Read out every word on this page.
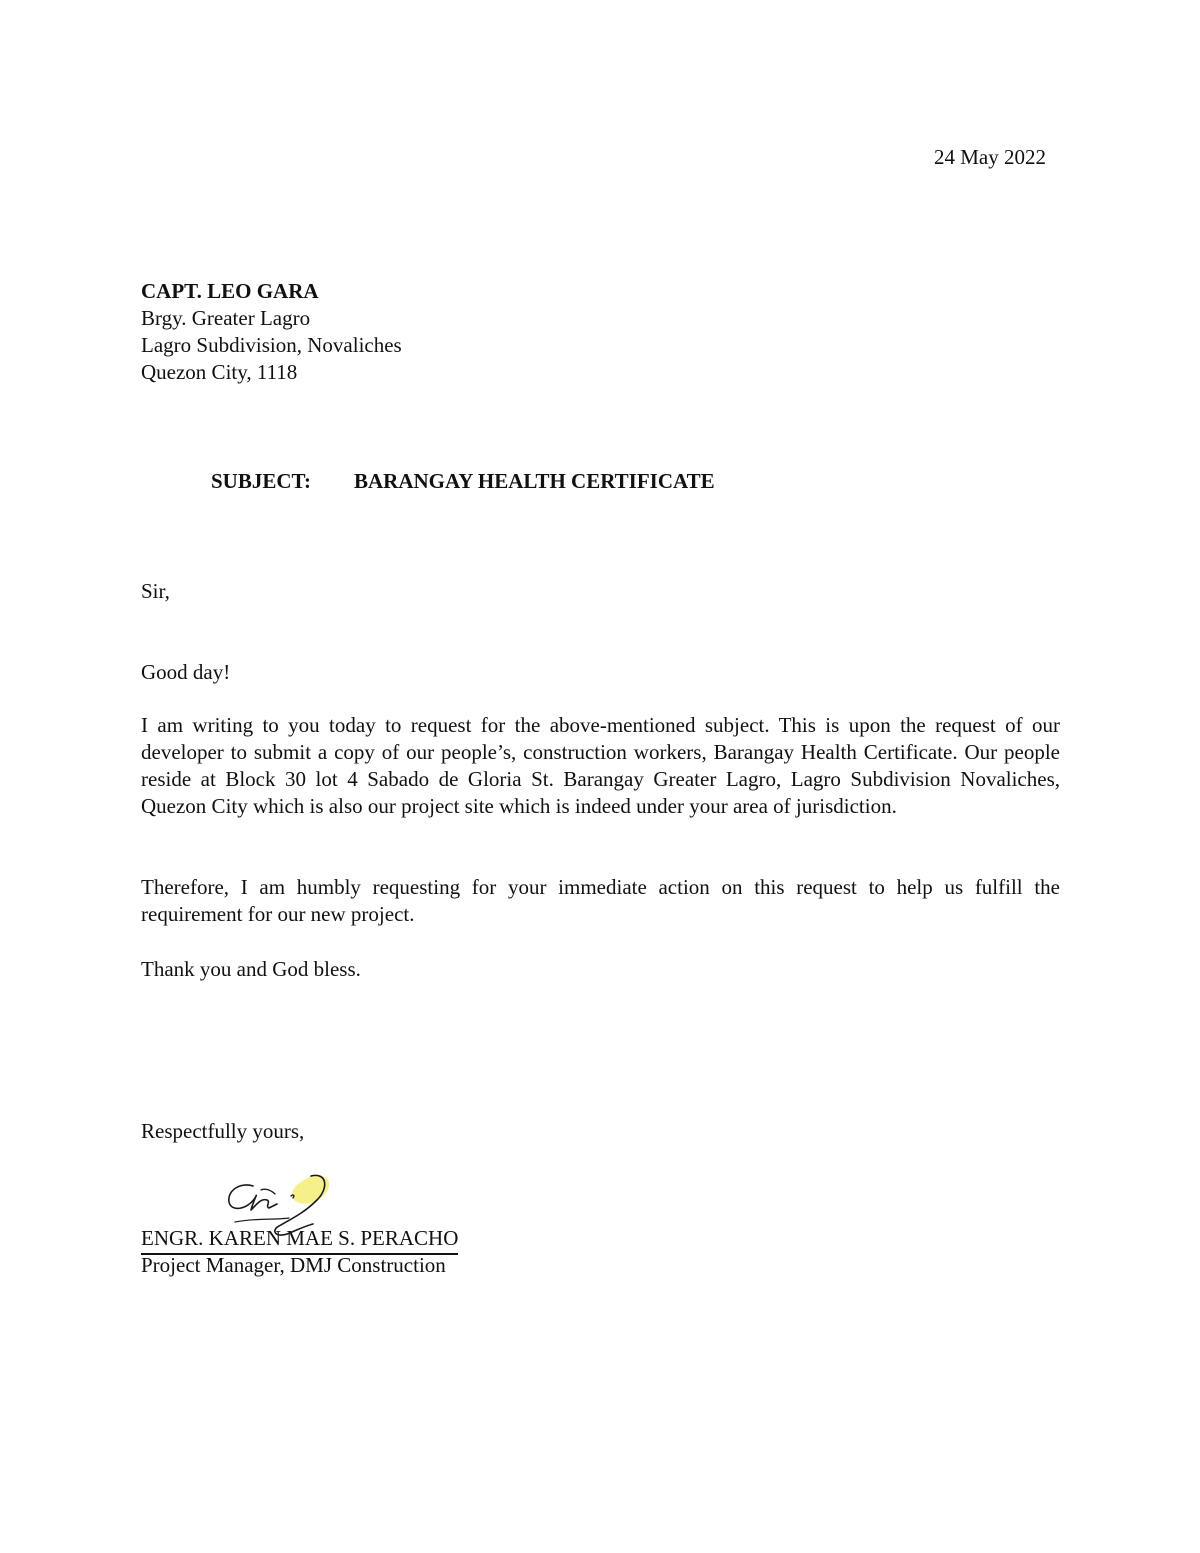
24 May 2022
CAPT. LEO GARA
Brgy. Greater Lagro
Lagro Subdivision, Novaliches
Quezon City, 1118
SUBJECT: BARANGAY HEALTH CERTIFICATE
Sir,
Good day!
I am writing to you today to request for the above-mentioned subject. This is upon the request of our developer to submit a copy of our people’s, construction workers, Barangay Health Certificate. Our people reside at Block 30 lot 4 Sabado de Gloria St. Barangay Greater Lagro, Lagro Subdivision Novaliches, Quezon City which is also our project site which is indeed under your area of jurisdiction.
Therefore, I am humbly requesting for your immediate action on this request to help us fulfill the requirement for our new project.
Thank you and God bless.
Respectfully yours,
ENGR. KAREN MAE S. PERACHO
Project Manager, DMJ Construction
